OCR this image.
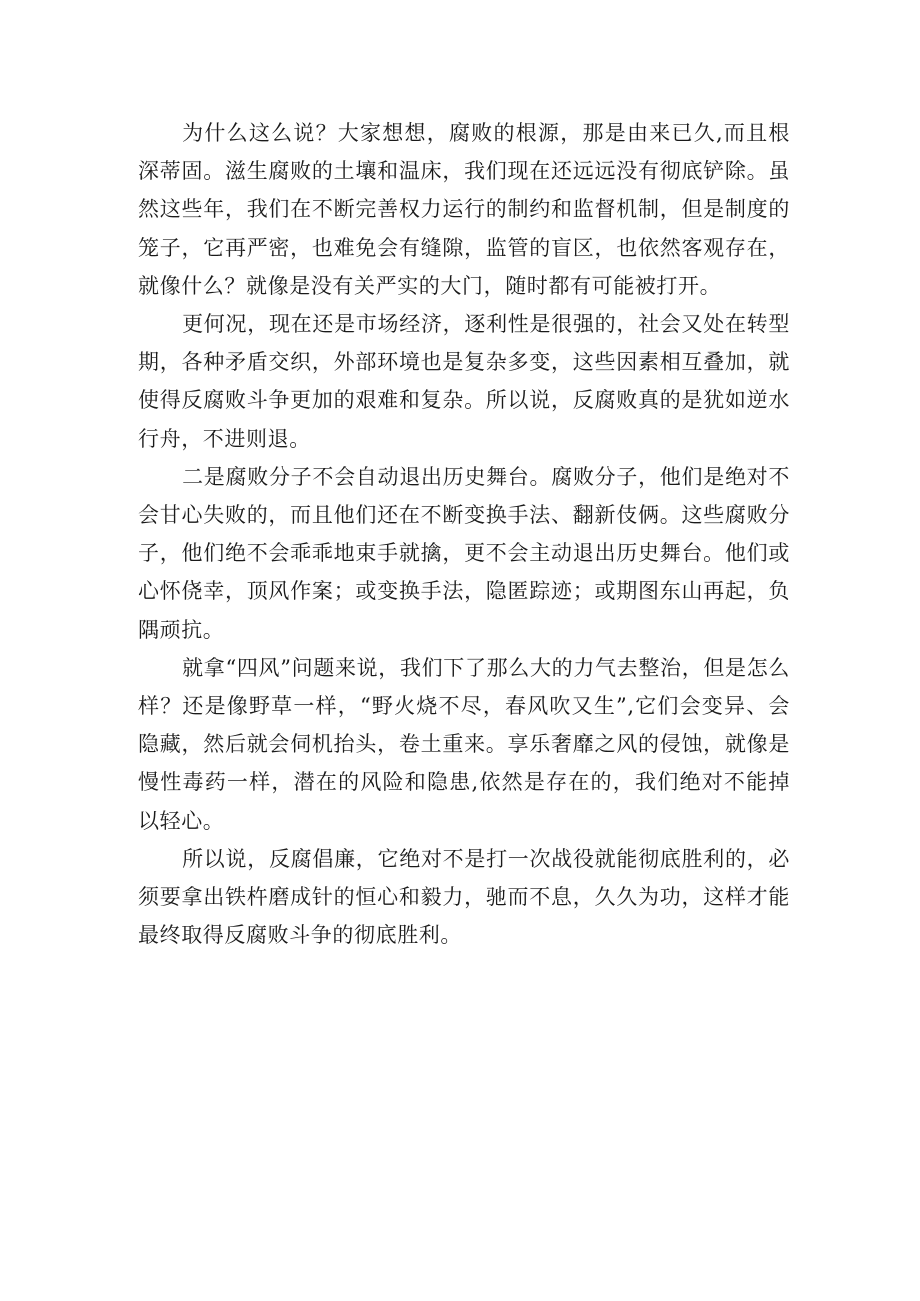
为什么这么说？大家想想，腐败的根源，那是由来已久,而且根深蒂固。滋生腐败的土壤和温床，我们现在还远远没有彻底铲除。虽然这些年，我们在不断完善权力运行的制约和监督机制，但是制度的笼子，它再严密，也难免会有缝隙，监管的盲区，也依然客观存在，就像什么？就像是没有关严实的大门，随时都有可能被打开。

更何况，现在还是市场经济，逐利性是很强的，社会又处在转型期，各种矛盾交织，外部环境也是复杂多变，这些因素相互叠加，就使得反腐败斗争更加的艰难和复杂。所以说，反腐败真的是犹如逆水行舟，不进则退。

二是腐败分子不会自动退出历史舞台。腐败分子，他们是绝对不会甘心失败的，而且他们还在不断变换手法、翻新伎俩。这些腐败分子，他们绝不会乖乖地束手就擒，更不会主动退出历史舞台。他们或心怀侥幸，顶风作案；或变换手法，隐匿踪迹；或期图东山再起，负隅顽抗。

就拿“四风”问题来说，我们下了那么大的力气去整治，但是怎么样？还是像野草一样，“野火烧不尽，春风吹又生”,它们会变异、会隐藏，然后就会伺机抬头，卷土重来。享乐奢靡之风的侵蚀，就像是慢性毒药一样，潜在的风险和隐患,依然是存在的，我们绝对不能掉以轻心。

所以说，反腐倡廉，它绝对不是打一次战役就能彻底胜利的，必须要拿出铁杵磨成针的恒心和毅力，驰而不息，久久为功，这样才能最终取得反腐败斗争的彻底胜利。
